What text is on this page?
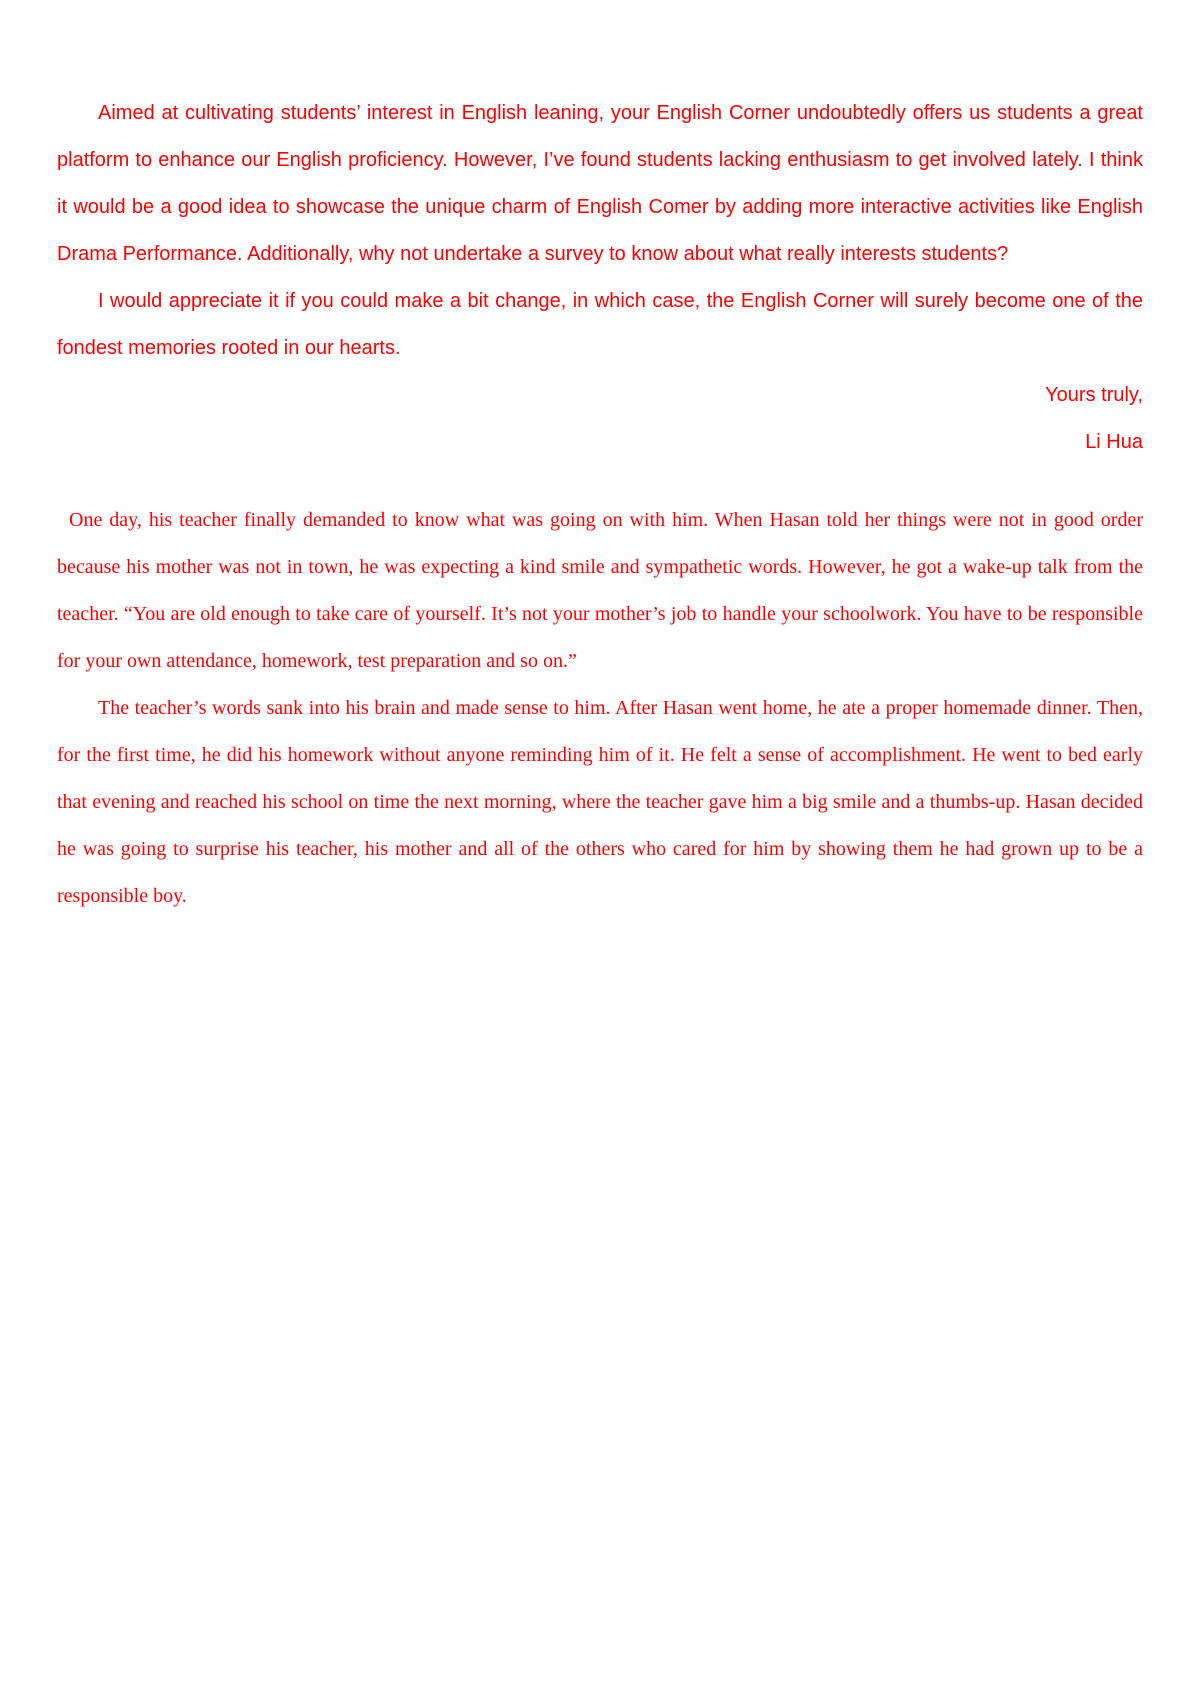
Aimed at cultivating students’ interest in English leaning, your English Corner undoubtedly offers us students a great platform to enhance our English proficiency. However, I’ve found students lacking enthusiasm to get involved lately. I think it would be a good idea to showcase the unique charm of English Comer by adding more interactive activities like English Drama Performance. Additionally, why not undertake a survey to know about what really interests students?

I would appreciate it if you could make a bit change, in which case, the English Corner will surely become one of the fondest memories rooted in our hearts.

Yours truly,

Li Hua

One day, his teacher finally demanded to know what was going on with him. When Hasan told her things were not in good order because his mother was not in town, he was expecting a kind smile and sympathetic words. However, he got a wake-up talk from the teacher. “You are old enough to take care of yourself. It’s not your mother’s job to handle your schoolwork. You have to be responsible for your own attendance, homework, test preparation and so on.”

The teacher’s words sank into his brain and made sense to him. After Hasan went home, he ate a proper homemade dinner. Then, for the first time, he did his homework without anyone reminding him of it. He felt a sense of accomplishment. He went to bed early that evening and reached his school on time the next morning, where the teacher gave him a big smile and a thumbs-up. Hasan decided he was going to surprise his teacher, his mother and all of the others who cared for him by showing them he had grown up to be a responsible boy.
